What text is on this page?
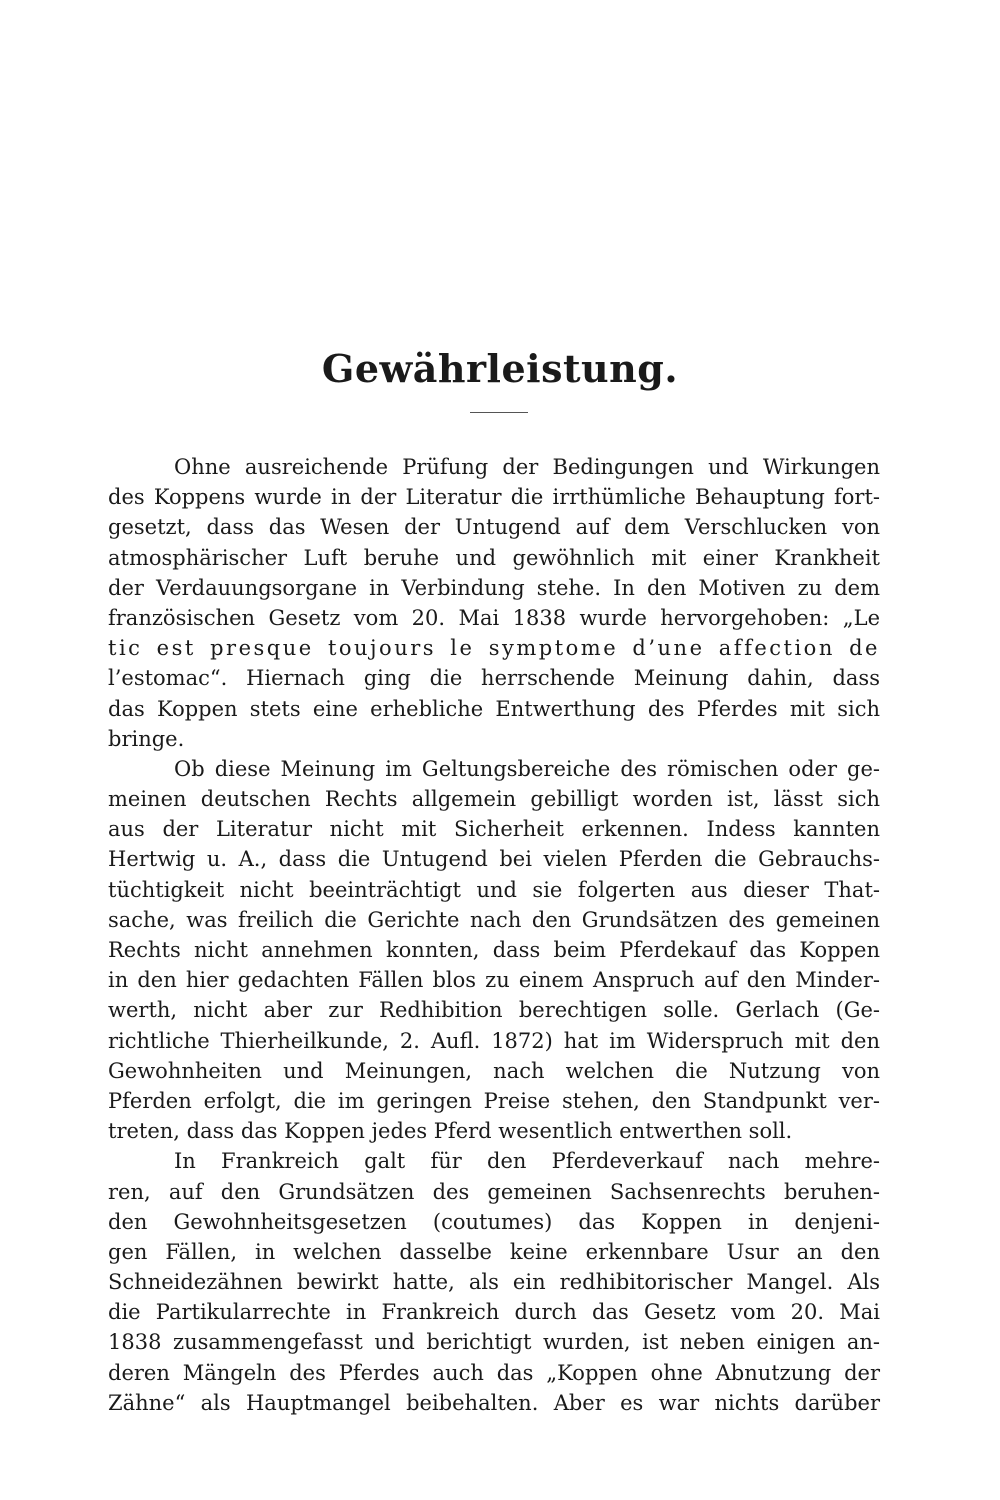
Gewährleistung.
Ohne ausreichende Prüfung der Bedingungen und Wirkungen
des Koppens wurde in der Literatur die irrthümliche Behauptung fort-
gesetzt, dass das Wesen der Untugend auf dem Verschlucken von
atmosphärischer Luft beruhe und gewöhnlich mit einer Krankheit
der Verdauungsorgane in Verbindung stehe. In den Motiven zu dem
französischen Gesetz vom 20. Mai 1838 wurde hervorgehoben: „Le
tic est presque toujours le symptome d’une affection de
l’estomac“. Hiernach ging die herrschende Meinung dahin, dass
das Koppen stets eine erhebliche Entwerthung des Pferdes mit sich
bringe.
Ob diese Meinung im Geltungsbereiche des römischen oder ge-
meinen deutschen Rechts allgemein gebilligt worden ist, lässt sich
aus der Literatur nicht mit Sicherheit erkennen. Indess kannten
Hertwig u. A., dass die Untugend bei vielen Pferden die Gebrauchs-
tüchtigkeit nicht beeinträchtigt und sie folgerten aus dieser That-
sache, was freilich die Gerichte nach den Grundsätzen des gemeinen
Rechts nicht annehmen konnten, dass beim Pferdekauf das Koppen
in den hier gedachten Fällen blos zu einem Anspruch auf den Minder-
werth, nicht aber zur Redhibition berechtigen solle. Gerlach (Ge-
richtliche Thierheilkunde, 2. Aufl. 1872) hat im Widerspruch mit den
Gewohnheiten und Meinungen, nach welchen die Nutzung von
Pferden erfolgt, die im geringen Preise stehen, den Standpunkt ver-
treten, dass das Koppen jedes Pferd wesentlich entwerthen soll.
In Frankreich galt für den Pferdeverkauf nach mehre-
ren, auf den Grundsätzen des gemeinen Sachsenrechts beruhen-
den Gewohnheitsgesetzen (coutumes) das Koppen in denjeni-
gen Fällen, in welchen dasselbe keine erkennbare Usur an den
Schneidezähnen bewirkt hatte, als ein redhibitorischer Mangel. Als
die Partikularrechte in Frankreich durch das Gesetz vom 20. Mai
1838 zusammengefasst und berichtigt wurden, ist neben einigen an-
deren Mängeln des Pferdes auch das „Koppen ohne Abnutzung der
Zähne“ als Hauptmangel beibehalten. Aber es war nichts darüber
